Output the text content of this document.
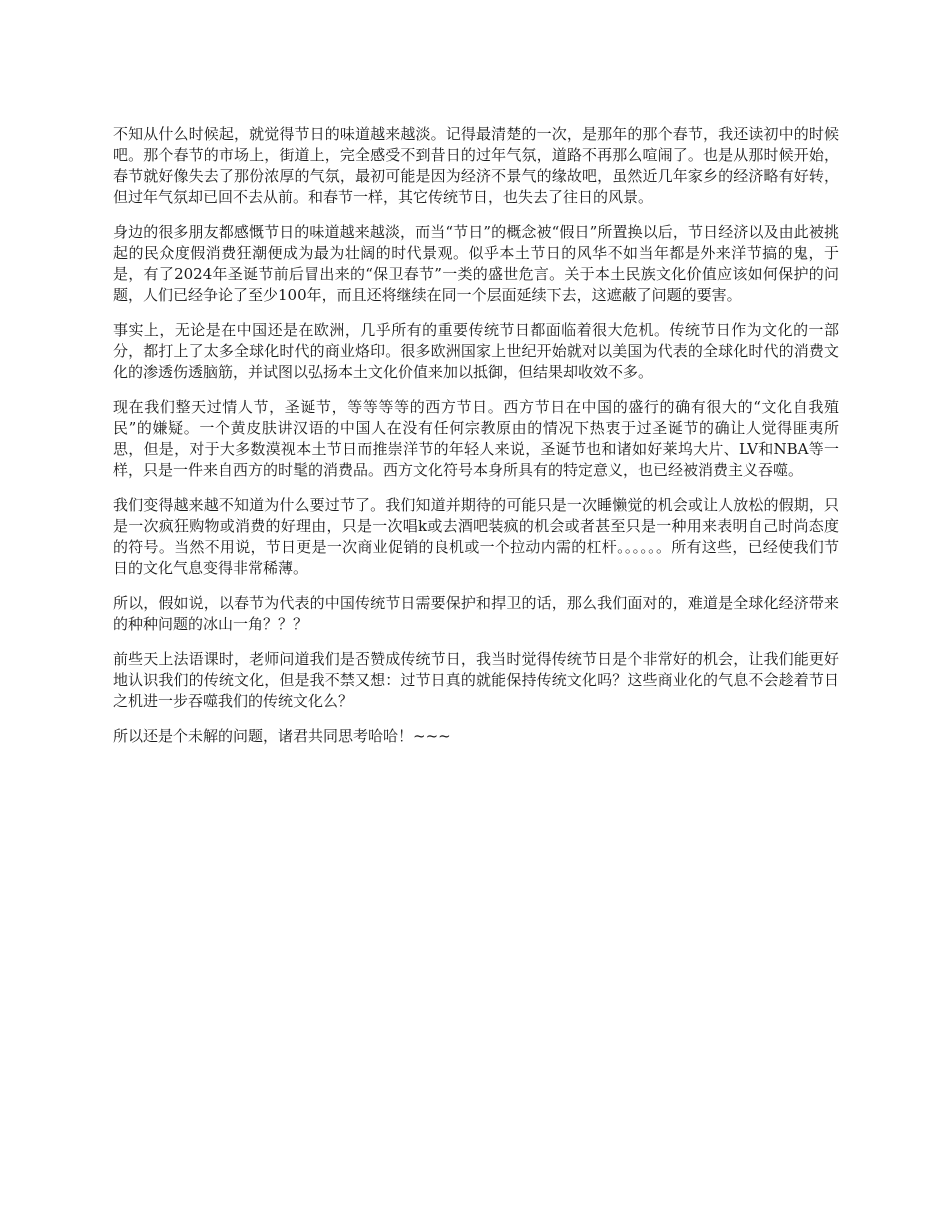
不知从什么时候起，就觉得节日的味道越来越淡。记得最清楚的一次，是那年的那个春节，我还读初中的时候吧。那个春节的市场上，街道上，完全感受不到昔日的过年气氛，道路不再那么喧闹了。也是从那时候开始，春节就好像失去了那份浓厚的气氛，最初可能是因为经济不景气的缘故吧，虽然近几年家乡的经济略有好转，但过年气氛却已回不去从前。和春节一样，其它传统节日，也失去了往日的风景。

身边的很多朋友都感慨节日的味道越来越淡，而当“节日”的概念被“假日”所置换以后，节日经济以及由此被挑起的民众度假消费狂潮便成为最为壮阔的时代景观。似乎本土节日的风华不如当年都是外来洋节搞的鬼，于是，有了2024年圣诞节前后冒出来的“保卫春节”一类的盛世危言。关于本土民族文化价值应该如何保护的问题，人们已经争论了至少100年，而且还将继续在同一个层面延续下去，这遮蔽了问题的要害。

事实上，无论是在中国还是在欧洲，几乎所有的重要传统节日都面临着很大危机。传统节日作为文化的一部分，都打上了太多全球化时代的商业烙印。很多欧洲国家上世纪开始就对以美国为代表的全球化时代的消费文化的渗透伤透脑筋，并试图以弘扬本土文化价值来加以抵御，但结果却收效不多。

现在我们整天过情人节，圣诞节，等等等等的西方节日。西方节日在中国的盛行的确有很大的“文化自我殖民”的嫌疑。一个黄皮肤讲汉语的中国人在没有任何宗教原由的情况下热衷于过圣诞节的确让人觉得匪夷所思，但是，对于大多数漠视本土节日而推崇洋节的年轻人来说，圣诞节也和诸如好莱坞大片、LV和NBA等一样，只是一件来自西方的时髦的消费品。西方文化符号本身所具有的特定意义，也已经被消费主义吞噬。

我们变得越来越不知道为什么要过节了。我们知道并期待的可能只是一次睡懒觉的机会或让人放松的假期，只是一次疯狂购物或消费的好理由，只是一次唱k或去酒吧装疯的机会或者甚至只是一种用来表明自己时尚态度的符号。当然不用说，节日更是一次商业促销的良机或一个拉动内需的杠杆。。。。。。所有这些，已经使我们节日的文化气息变得非常稀薄。

所以，假如说，以春节为代表的中国传统节日需要保护和捍卫的话，那么我们面对的，难道是全球化经济带来的种种问题的冰山一角？？？

前些天上法语课时，老师问道我们是否赞成传统节日，我当时觉得传统节日是个非常好的机会，让我们能更好地认识我们的传统文化，但是我不禁又想：过节日真的就能保持传统文化吗？这些商业化的气息不会趁着节日之机进一步吞噬我们的传统文化么？

所以还是个未解的问题，诸君共同思考哈哈！~~~
